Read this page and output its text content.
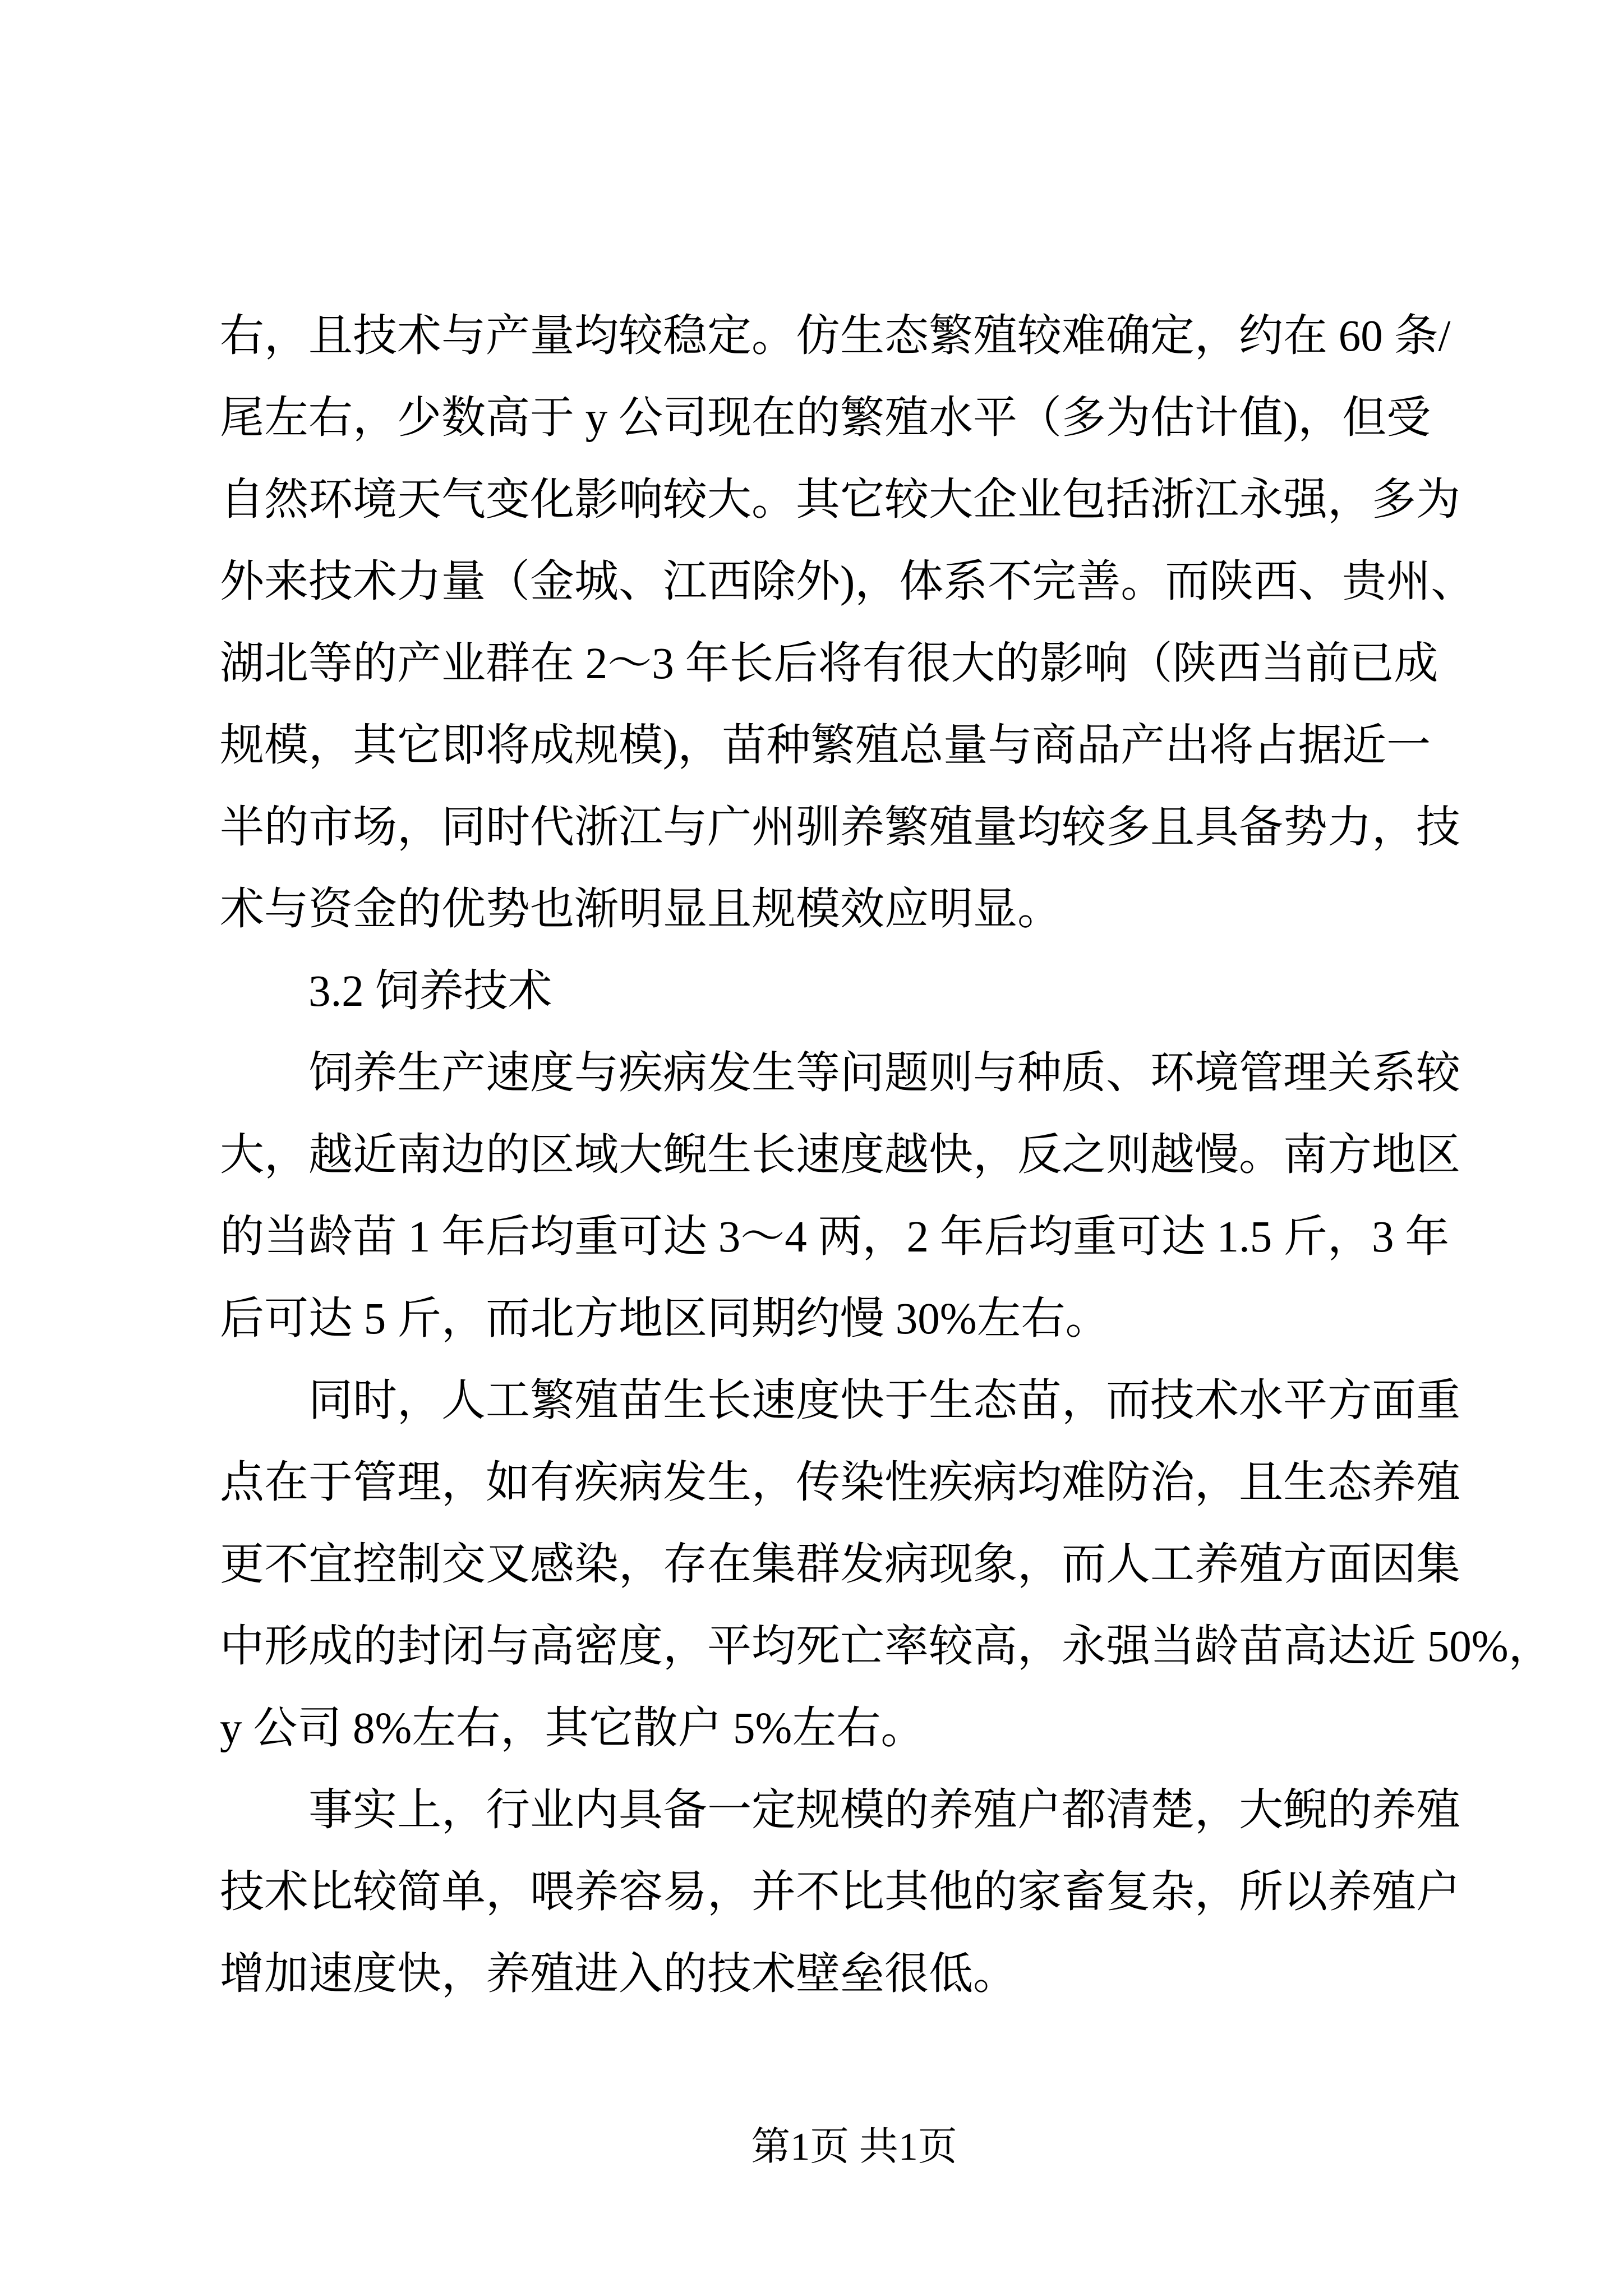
右，且技术与产量均较稳定。仿生态繁殖较难确定，约在 60 条/
尾左右，少数高于 y 公司现在的繁殖水平（多为估计值)，但受
自然环境天气变化影响较大。其它较大企业包括浙江永强，多为
外来技术力量（金城、江西除外)，体系不完善。而陕西、贵州、
湖北等的产业群在 2～3 年长后将有很大的影响（陕西当前已成
规模，其它即将成规模)，苗种繁殖总量与商品产出将占据近一
半的市场，同时代浙江与广州驯养繁殖量均较多且具备势力，技
术与资金的优势也渐明显且规模效应明显。
3.2 饲养技术
饲养生产速度与疾病发生等问题则与种质、环境管理关系较
大，越近南边的区域大鲵生长速度越快，反之则越慢。南方地区
的当龄苗 1 年后均重可达 3～4 两，2 年后均重可达 1.5 斤，3 年
后可达 5 斤，而北方地区同期约慢 30%左右。
同时，人工繁殖苗生长速度快于生态苗，而技术水平方面重
点在于管理，如有疾病发生，传染性疾病均难防治，且生态养殖
更不宜控制交叉感染，存在集群发病现象，而人工养殖方面因集
中形成的封闭与高密度，平均死亡率较高，永强当龄苗高达近 50%，
y 公司 8%左右，其它散户 5%左右。
事实上，行业内具备一定规模的养殖户都清楚，大鲵的养殖
技术比较简单，喂养容易，并不比其他的家畜复杂，所以养殖户
增加速度快，养殖进入的技术壁垒很低。
第1页 共1页
